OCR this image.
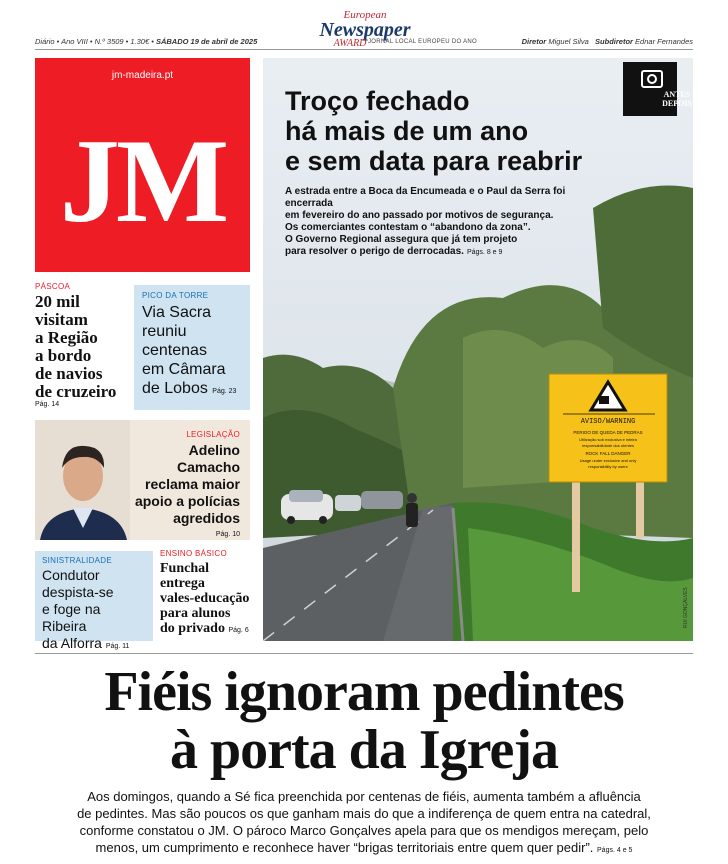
Diário • Ano VIII • N.º 3509 • 1.30€ • SÁBADO 19 de abril de 2025
European
Newspaper
AWARD JORNAL LOCAL EUROPEU DO ANO	Diretor Miguel Silva Subdiretor Ednar Fernandes
jm-madeira.pt
JM
AVISO/WARNING
PERIGO DE QUEDA DE PEDRAS
Utilização sob exclusiva e inteira
responsabilidade dos utentes
ROCK FALL DANGER
Usage under exclusive and only
responsibility by users
RUI GONÇALVES
Troço fechado
há mais de um ano
e sem data para reabrir
A estrada entre a Boca da Encumeada e o Paul da Serra foi encerrada
em fevereiro do ano passado por motivos de segurança.
Os comerciantes contestam o “abandono da zona”.
O Governo Regional assegura que já tem projeto
para resolver o perigo de derrocadas. Págs. 8 e 9
ANTES
DEPOIS
PÁSCOA
20 mil
visitam
a Região
a bordo
de navios
de cruzeiro
Pág. 14
PICO DA TORRE
Via Sacra
reuniu
centenas
em Câmara
de Lobos Pág. 23
LEGISLAÇÃO
Adelino Camacho
reclama maior
apoio a polícias
agredidos
Pág. 10
SINISTRALIDADE
Condutor
despista-se
e foge na Ribeira
da Alforra Pág. 11
ENSINO BÁSICO
Funchal
entrega
vales-educação
para alunos
do privado Pág. 6
Fiéis ignoram pedintes
à porta da Igreja
Aos domingos, quando a Sé fica preenchida por centenas de fiéis, aumenta também a afluência
de pedintes. Mas são poucos os que ganham mais do que a indiferença de quem entra na catedral,
conforme constatou o JM. O pároco Marco Gonçalves apela para que os mendigos mereçam, pelo
menos, um cumprimento e reconhece haver “brigas territoriais entre quem quer pedir”. Págs. 4 e 5
